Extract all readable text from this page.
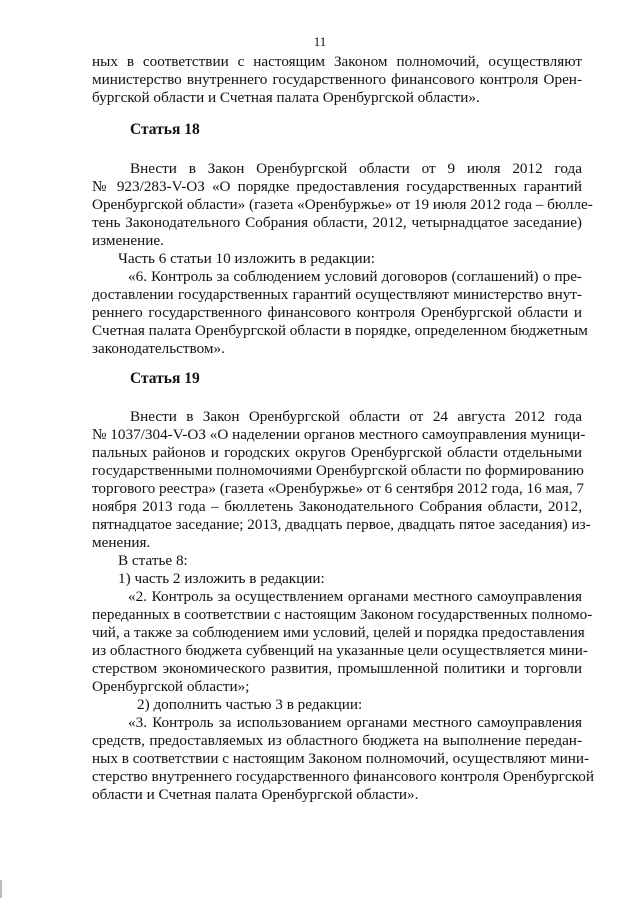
11
ных в соответствии с настоящим Законом полномочий, осуществляют
министерство внутреннего государственного финансового контроля Орен-
бургской области и Счетная палата Оренбургской области».
Статья 18
Внести в Закон Оренбургской области от 9 июля 2012 года
№ 923/283-V-ОЗ «О порядке предоставления государственных гарантий
Оренбургской области» (газета «Оренбуржье» от 19 июля 2012 года – бюлле-
тень Законодательного Собрания области, 2012, четырнадцатое заседание)
изменение.
Часть 6 статьи 10 изложить в редакции:
«6. Контроль за соблюдением условий договоров (соглашений) о пре-
доставлении государственных гарантий осуществляют министерство внут-
реннего государственного финансового контроля Оренбургской области и
Счетная палата Оренбургской области в порядке, определенном бюджетным
законодательством».
Статья 19
Внести в Закон Оренбургской области от 24 августа 2012 года
№ 1037/304-V-ОЗ «О наделении органов местного самоуправления муници-
пальных районов и городских округов Оренбургской области отдельными
государственными полномочиями Оренбургской области по формированию
торгового реестра» (газета «Оренбуржье» от 6 сентября 2012 года, 16 мая, 7
ноября 2013 года – бюллетень Законодательного Собрания области, 2012,
пятнадцатое заседание; 2013, двадцать первое, двадцать пятое заседания) из-
менения.
В статье 8:
1) часть 2 изложить в редакции:
«2. Контроль за осуществлением органами местного самоуправления
переданных в соответствии с настоящим Законом государственных полномо-
чий, а также за соблюдением ими условий, целей и порядка предоставления
из областного бюджета субвенций на указанные цели осуществляется мини-
стерством экономического развития, промышленной политики и торговли
Оренбургской области»;
2) дополнить частью 3 в редакции:
«3. Контроль за использованием органами местного самоуправления
средств, предоставляемых из областного бюджета на выполнение передан-
ных в соответствии с настоящим Законом полномочий, осуществляют мини-
стерство внутреннего государственного финансового контроля Оренбургской
области и Счетная палата Оренбургской области».
